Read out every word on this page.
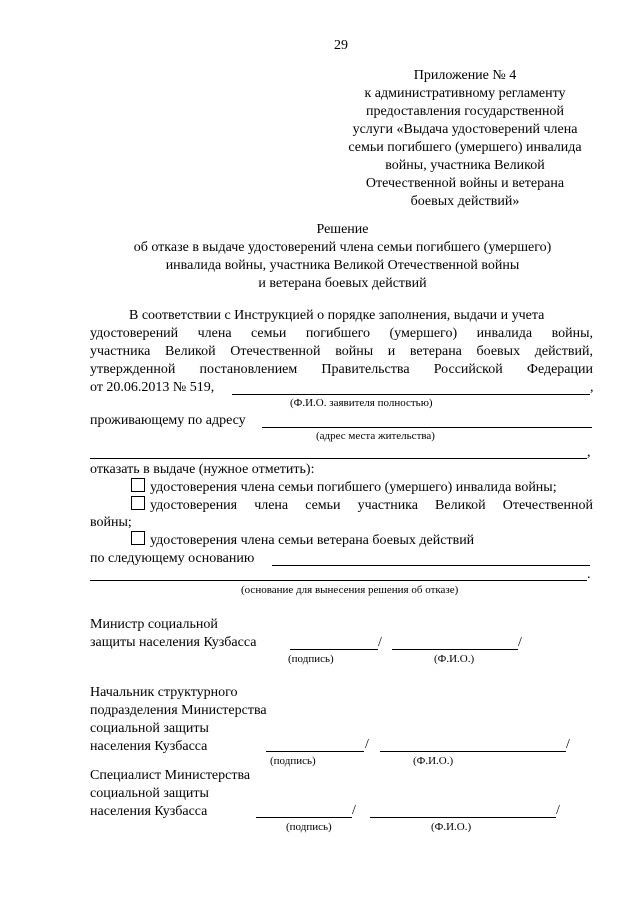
29
Приложение № 4
к административному регламенту
предоставления государственной
услуги «Выдача удостоверений члена
семьи погибшего (умершего) инвалида
войны, участника Великой
Отечественной войны и ветерана
боевых действий»
Решение
об отказе в выдаче удостоверений члена семьи погибшего (умершего)
инвалида войны, участника Великой Отечественной войны
и ветерана боевых действий
В соответствии с Инструкцией о порядке заполнения, выдачи и учета
удостоверений члена семьи погибшего (умершего) инвалида войны,
участника Великой Отечественной войны и ветерана боевых действий,
утвержденной постановлением Правительства Российской Федерации
от 20.06.2013 № 519,	,
(Ф.И.О. заявителя полностью)
проживающему по адресу
(адрес места жительства)
,
отказать в выдаче (нужное отметить):
удостоверения члена семьи погибшего (умершего) инвалида войны;
удостоверения члена семьи участника Великой Отечественной
войны;
удостоверения члена семьи ветерана боевых действий
по следующему основанию
.
(основание для вынесения решения об отказе)
Министр социальной
защиты населения Кузбасса	/	/
(подпись)	(Ф.И.О.)
Начальник структурного
подразделения Министерства
социальной защиты
населения Кузбасса	/	/
(подпись)	(Ф.И.О.)
Специалист Министерства
социальной защиты
населения Кузбасса	/	/
(подпись)	(Ф.И.О.)
